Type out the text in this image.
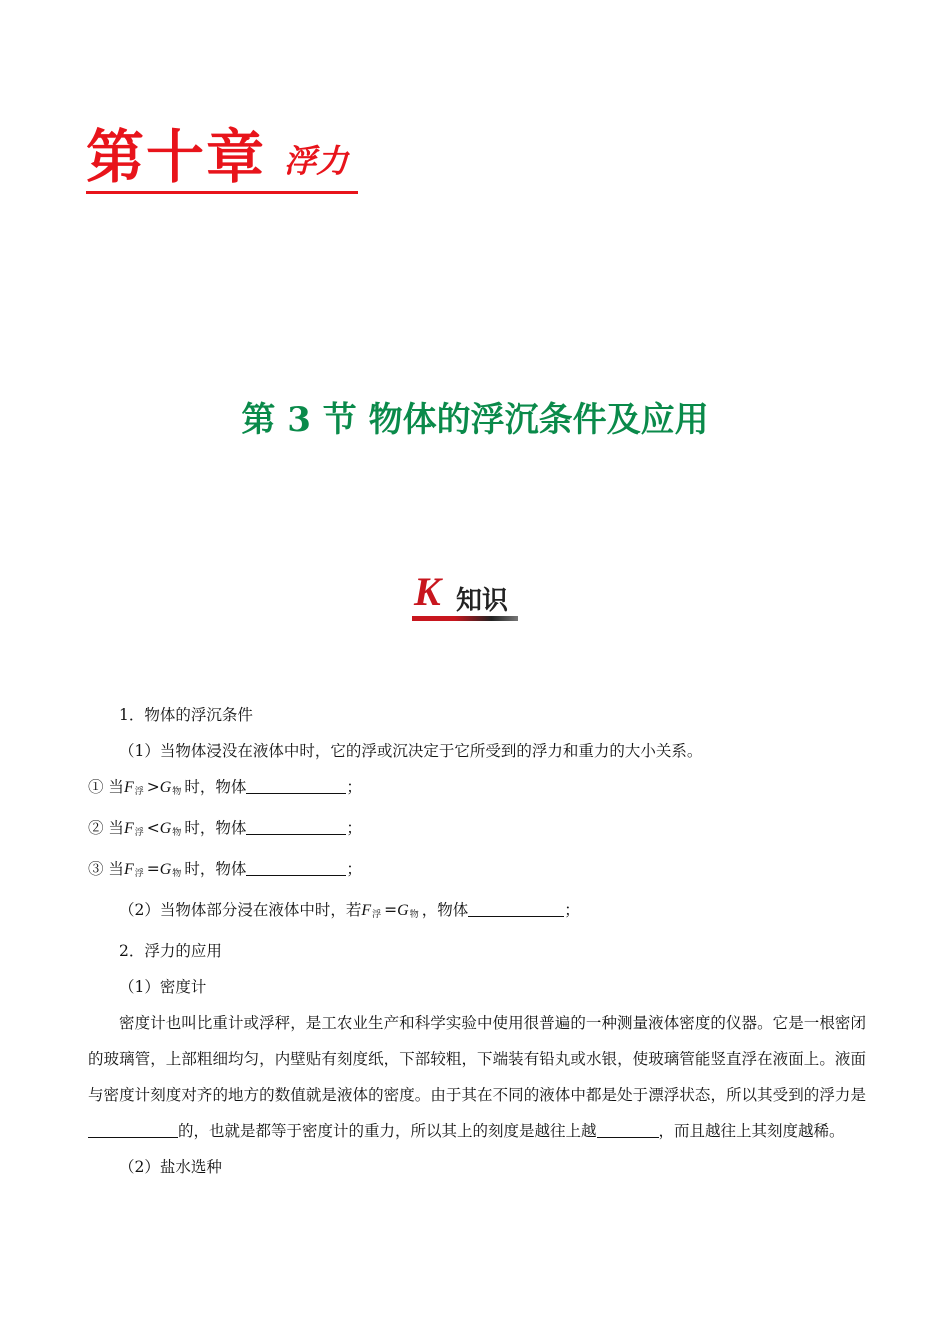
第十章 浮力
第 3 节 物体的浮沉条件及应用
K 知识
1．物体的浮沉条件
（1）当物体浸没在液体中时，它的浮或沉决定于它所受到的浮力和重力的大小关系。
① 当F浮 >G物 时，物体	；
② 当F浮 <G物 时，物体	；
③ 当F浮 =G物 时，物体	；
（2）当物体部分浸在液体中时，若F浮 =G物 ，物体	；
2．浮力的应用
（1）密度计
密度计也叫比重计或浮秤，是工农业生产和科学实验中使用很普遍的一种测量液体密度的仪器。它是一根密闭的玻璃管，上部粗细均匀，内壁贴有刻度纸，下部较粗，下端装有铅丸或水银，使玻璃管能竖直浮在液面上。液面与密度计刻度对齐的地方的数值就是液体的密度。由于其在不同的液体中都是处于漂浮状态，所以其受到的浮力是的，也就是都等于密度计的重力，所以其上的刻度是越往上越	，而且越往上其刻度越稀。
（2）盐水选种
